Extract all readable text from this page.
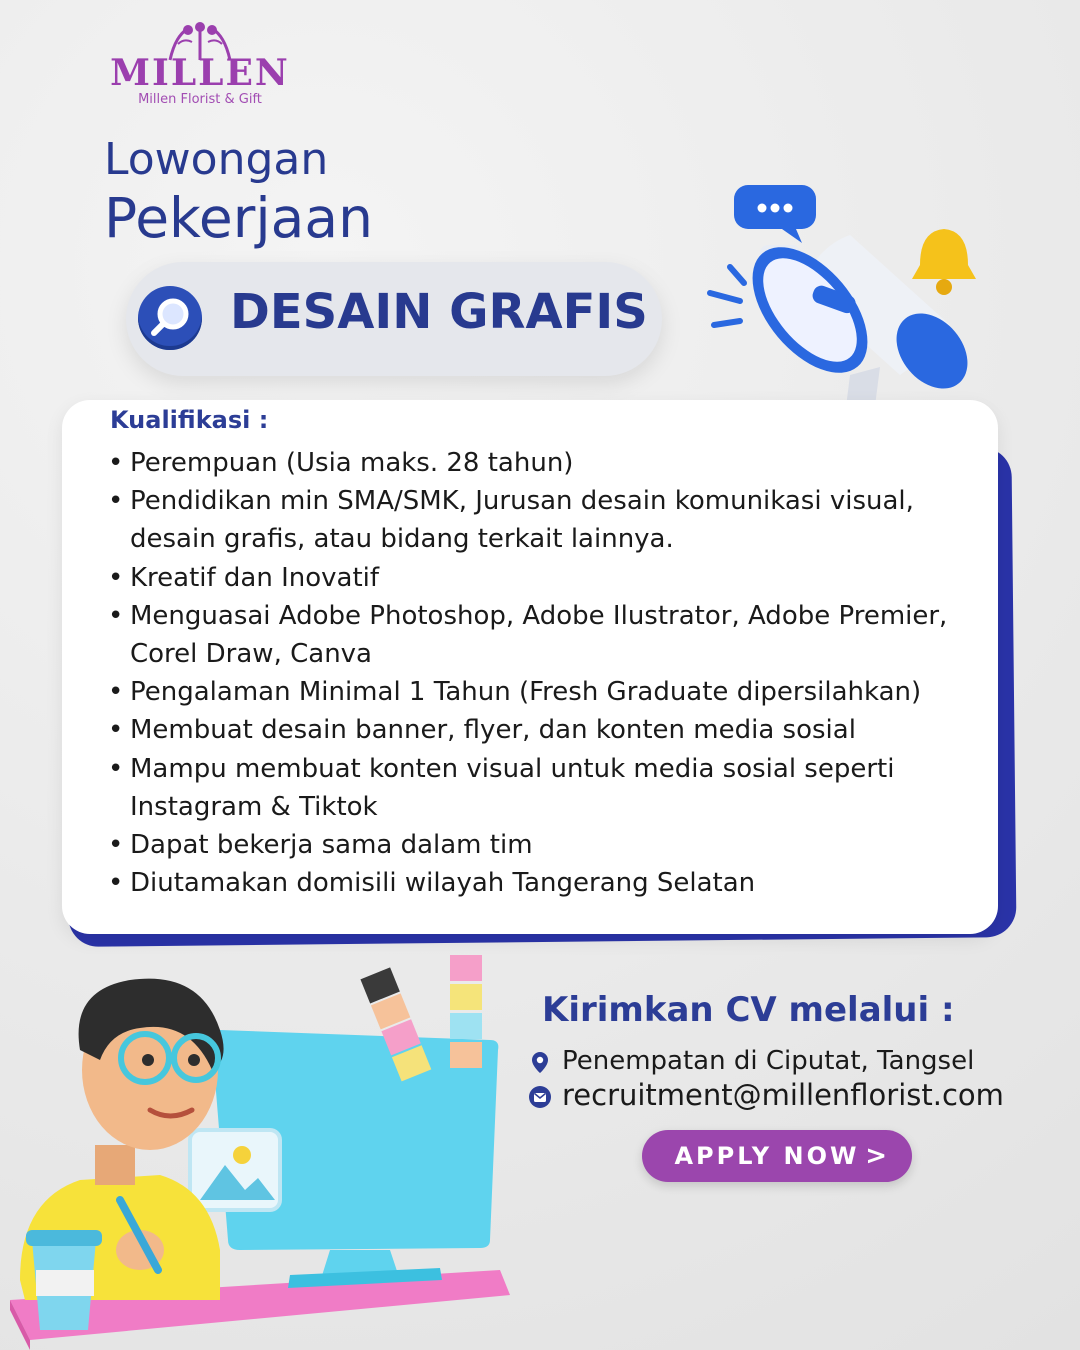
MILLEN
Millen Florist & Gift
Lowongan
Pekerjaan
DESAIN GRAFIS
Kualifikasi :
• Perempuan (Usia maks. 28 tahun)
• Pendidikan min SMA/SMK, Jurusan desain komunikasi visual, desain grafis, atau bidang terkait lainnya.
• Kreatif dan Inovatif
• Menguasai Adobe Photoshop, Adobe Ilustrator, Adobe Premier, Corel Draw, Canva
• Pengalaman Minimal 1 Tahun (Fresh Graduate dipersilahkan)
• Membuat desain banner, flyer, dan konten media sosial
• Mampu membuat konten visual untuk media sosial seperti Instagram & Tiktok
• Dapat bekerja sama dalam tim
• Diutamakan domisili wilayah Tangerang Selatan
Kirimkan CV melalui :
Penempatan di Ciputat, Tangsel
recruitment@millenflorist.com
APPLY NOW >
